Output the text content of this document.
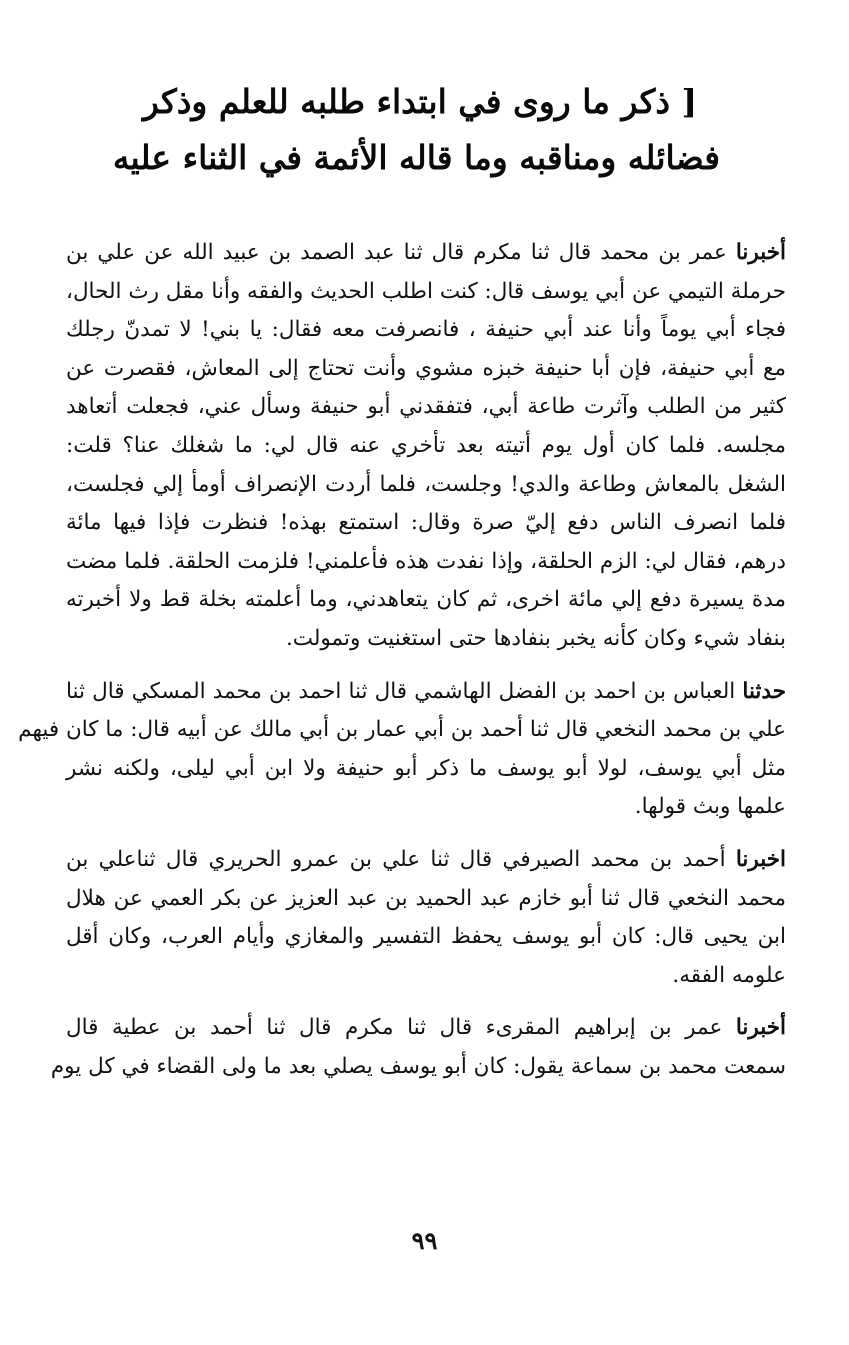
[ ذكر ما روى في ابتداء طلبه للعلم وذكر
فضائله ومناقبه وما قاله الأئمة في الثناء عليه
أخبرنا عمر بن محمد قال ثنا مكرم قال ثنا عبد الصمد بن عبيد الله عن علي بن
حرملة التيمي عن أبي يوسف قال: كنت اطلب الحديث والفقه وأنا مقل رث الحال،
فجاء أبي يوماً وأنا عند أبي حنيفة ، فانصرفت معه فقال: يا بني! لا تمدنّ رجلك
مع أبي حنيفة، فإن أبا حنيفة خبزه مشوي وأنت تحتاج إلى المعاش، فقصرت عن
كثير من الطلب وآثرت طاعة أبي، فتفقدني أبو حنيفة وسأل عني، فجعلت أتعاهد
مجلسه. فلما كان أول يوم أتيته بعد تأخري عنه قال لي: ما شغلك عنا؟ قلت:
الشغل بالمعاش وطاعة والدي! وجلست، فلما أردت الإنصراف أومأ إلي فجلست،
فلما انصرف الناس دفع إليّ صرة وقال: استمتع بهذه! فنظرت فإذا فيها مائة
درهم، فقال لي: الزم الحلقة، وإذا نفدت هذه فأعلمني! فلزمت الحلقة. فلما مضت
مدة يسيرة دفع إلي مائة اخرى، ثم كان يتعاهدني، وما أعلمته بخلة قط ولا أخبرته
بنفاد شيء وكان كأنه يخبر بنفادها حتى استغنيت وتمولت.
حدثنا العباس بن احمد بن الفضل الهاشمي قال ثنا احمد بن محمد المسكي قال ثنا
علي بن محمد النخعي قال ثنا أحمد بن أبي عمار بن أبي مالك عن أبيه قال: ما كان فيهم
مثل أبي يوسف، لولا أبو يوسف ما ذكر أبو حنيفة ولا ابن أبي ليلى، ولكنه نشر
علمها وبث قولها.
اخبرنا أحمد بن محمد الصيرفي قال ثنا علي بن عمرو الحريري قال ثناعلي بن
محمد النخعي قال ثنا أبو خازم عبد الحميد بن عبد العزيز عن بكر العمي عن هلال
ابن يحيى قال: كان أبو يوسف يحفظ التفسير والمغازي وأيام العرب، وكان أقل
علومه الفقه.
أخبرنا عمر بن إبراهيم المقرىء قال ثنا مكرم قال ثنا أحمد بن عطية قال
سمعت محمد بن سماعة يقول: كان أبو يوسف يصلي بعد ما ولى القضاء في كل يوم
٩٩
